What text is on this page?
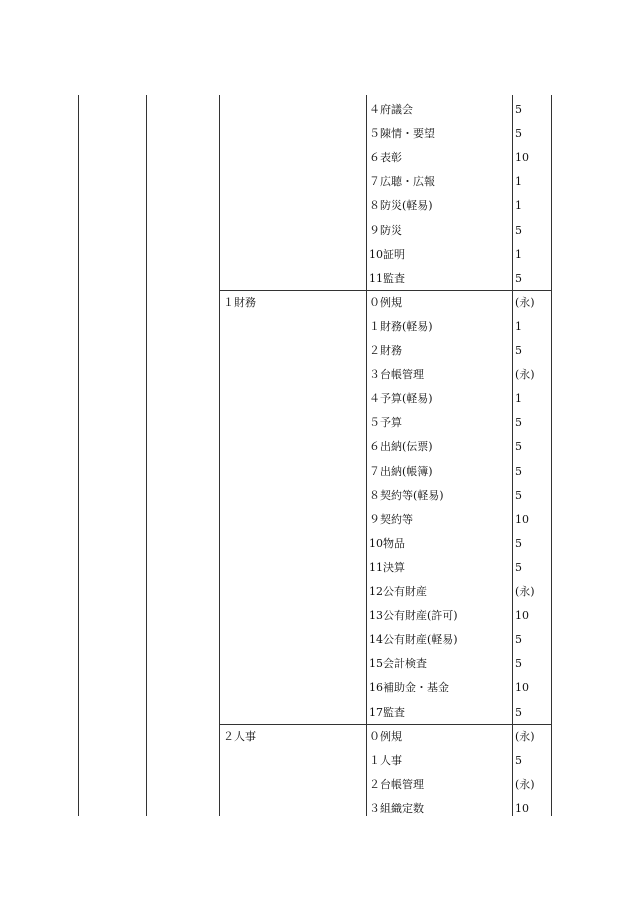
４府議会	5
５陳情・要望	5
６表彰	10
７広聴・広報	1
８防災(軽易)	1
９防災	5
10証明	1
11監査	5
１財務	０例規	(永)
１財務(軽易)	1
２財務	5
３台帳管理	(永)
４予算(軽易)	1
５予算	5
６出納(伝票)	5
７出納(帳簿)	5
８契約等(軽易)	5
９契約等	10
10物品	5
11決算	5
12公有財産	(永)
13公有財産(許可)	10
14公有財産(軽易)	5
15会計検査	5
16補助金・基金	10
17監査	5
２人事	０例規	(永)
１人事	5
２台帳管理	(永)
３組織定数	10
